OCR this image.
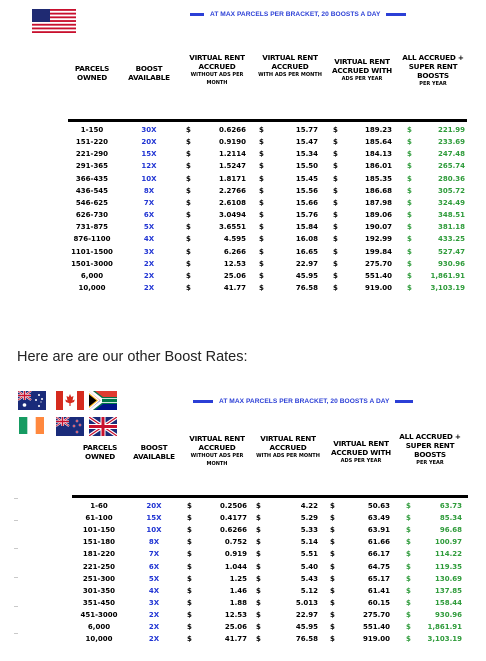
AT MAX PARCELS PER BRACKET, 20 BOOSTS A DAY
PARCELS OWNED
BOOST AVAILABLE
VIRTUAL RENT ACCRUED
WITHOUT ADS PER MONTH
VIRTUAL RENT ACCRUED
WITH ADS PER MONTH
VIRTUAL RENT ACCRUED WITH
ADS PER YEAR
ALL ACCRUED + SUPER RENT BOOSTS
PER YEAR
1-150	30X	$	0.6266 $	15.77 $	189.23 $	221.99
151-220	20X	$	0.9190 $	15.47 $	185.64 $	233.69
221-290	15X	$	1.2114 $	15.34 $	184.13 $	247.48
291-365	12X	$	1.5247 $	15.50 $	186.01 $	265.74
366-435	10X	$	1.8171 $	15.45 $	185.35 $	280.36
436-545	8X	$	2.2766 $	15.56 $	186.68 $	305.72
546-625	7X	$	2.6108 $	15.66 $	187.98 $	324.49
626-730	6X	$	3.0494 $	15.76 $	189.06 $	348.51
731-875	5X	$	3.6551 $	15.84 $	190.07 $	381.18
876-1100	4X	$	4.595 $	16.08 $	192.99 $	433.25
1101-1500	3X	$	6.266 $	16.65 $	199.84 $	527.47
1501-3000	2X	$	12.53 $	22.97 $	275.70 $	930.96
6,000	2X	$	25.06 $	45.95 $	551.40 $	1,861.91
10,000	2X	$	41.77 $	76.58 $	919.00 $	3,103.19
Here are are our other Boost Rates:
AT MAX PARCELS PER BRACKET, 20 BOOSTS A DAY
PARCELS OWNED
BOOST AVAILABLE
VIRTUAL RENT ACCRUED
WITHOUT ADS PER MONTH
VIRTUAL RENT ACCRUED
WITH ADS PER MONTH
VIRTUAL RENT ACCRUED WITH
ADS PER YEAR
ALL ACCRUED + SUPER RENT BOOSTS
PER YEAR
1-60	20X	$	0.2506 $	4.22 $	50.63 $	63.73
61-100	15X	$	0.4177 $	5.29 $	63.49 $	85.34
101-150	10X	$	0.6266 $	5.33 $	63.91 $	96.68
151-180	8X	$	0.752 $	5.14 $	61.66 $	100.97
181-220	7X	$	0.919 $	5.51 $	66.17 $	114.22
221-250	6X	$	1.044 $	5.40 $	64.75 $	119.35
251-300	5X	$	1.25 $	5.43 $	65.17 $	130.69
301-350	4X	$	1.46 $	5.12 $	61.41 $	137.85
351-450	3X	$	1.88 $	5.013 $	60.15 $	158.44
451-3000	2X	$	12.53 $	22.97 $	275.70 $	930.96
6,000	2X	$	25.06 $	45.95 $	551.40 $ 1,861.91
10,000	2X	$	41.77 $	76.58 $	919.00 $ 3,103.19
